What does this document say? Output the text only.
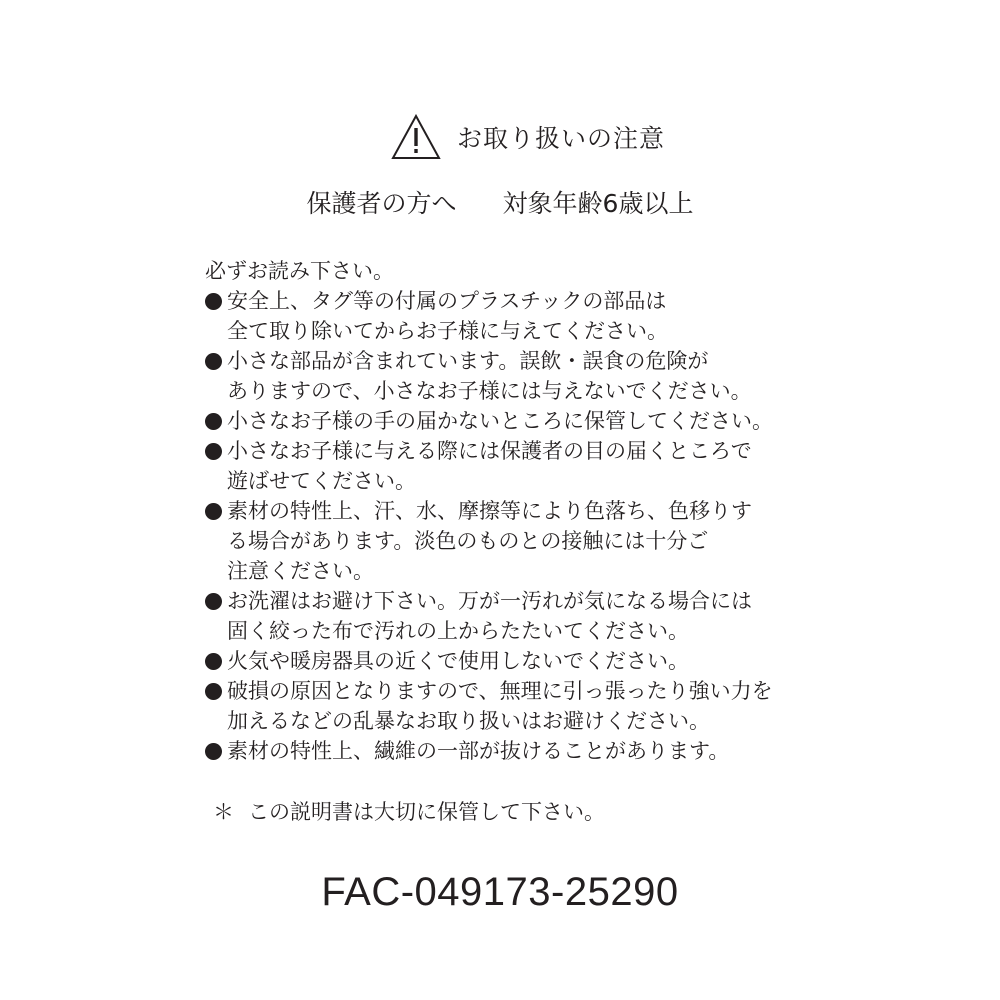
お取り扱いの注意
保護者の方へ 対象年齢6歳以上
必ずお読み下さい。
安全上、タグ等の付属のプラスチックの部品は
全て取り除いてからお子様に与えてください。
小さな部品が含まれています。誤飲・誤食の危険が
ありますので、小さなお子様には与えないでください。
小さなお子様の手の届かないところに保管してください。
小さなお子様に与える際には保護者の目の届くところで
遊ばせてください。
素材の特性上、汗、水、摩擦等により色落ち、色移りす
る場合があります。淡色のものとの接触には十分ご
注意ください。
お洗濯はお避け下さい。万が一汚れが気になる場合には
固く絞った布で汚れの上からたたいてください。
火気や暖房器具の近くで使用しないでください。
破損の原因となりますので、無理に引っ張ったり強い力を
加えるなどの乱暴なお取り扱いはお避けください。
素材の特性上、繊維の一部が抜けることがあります。
＊ この説明書は大切に保管して下さい。
FAC-049173-25290
